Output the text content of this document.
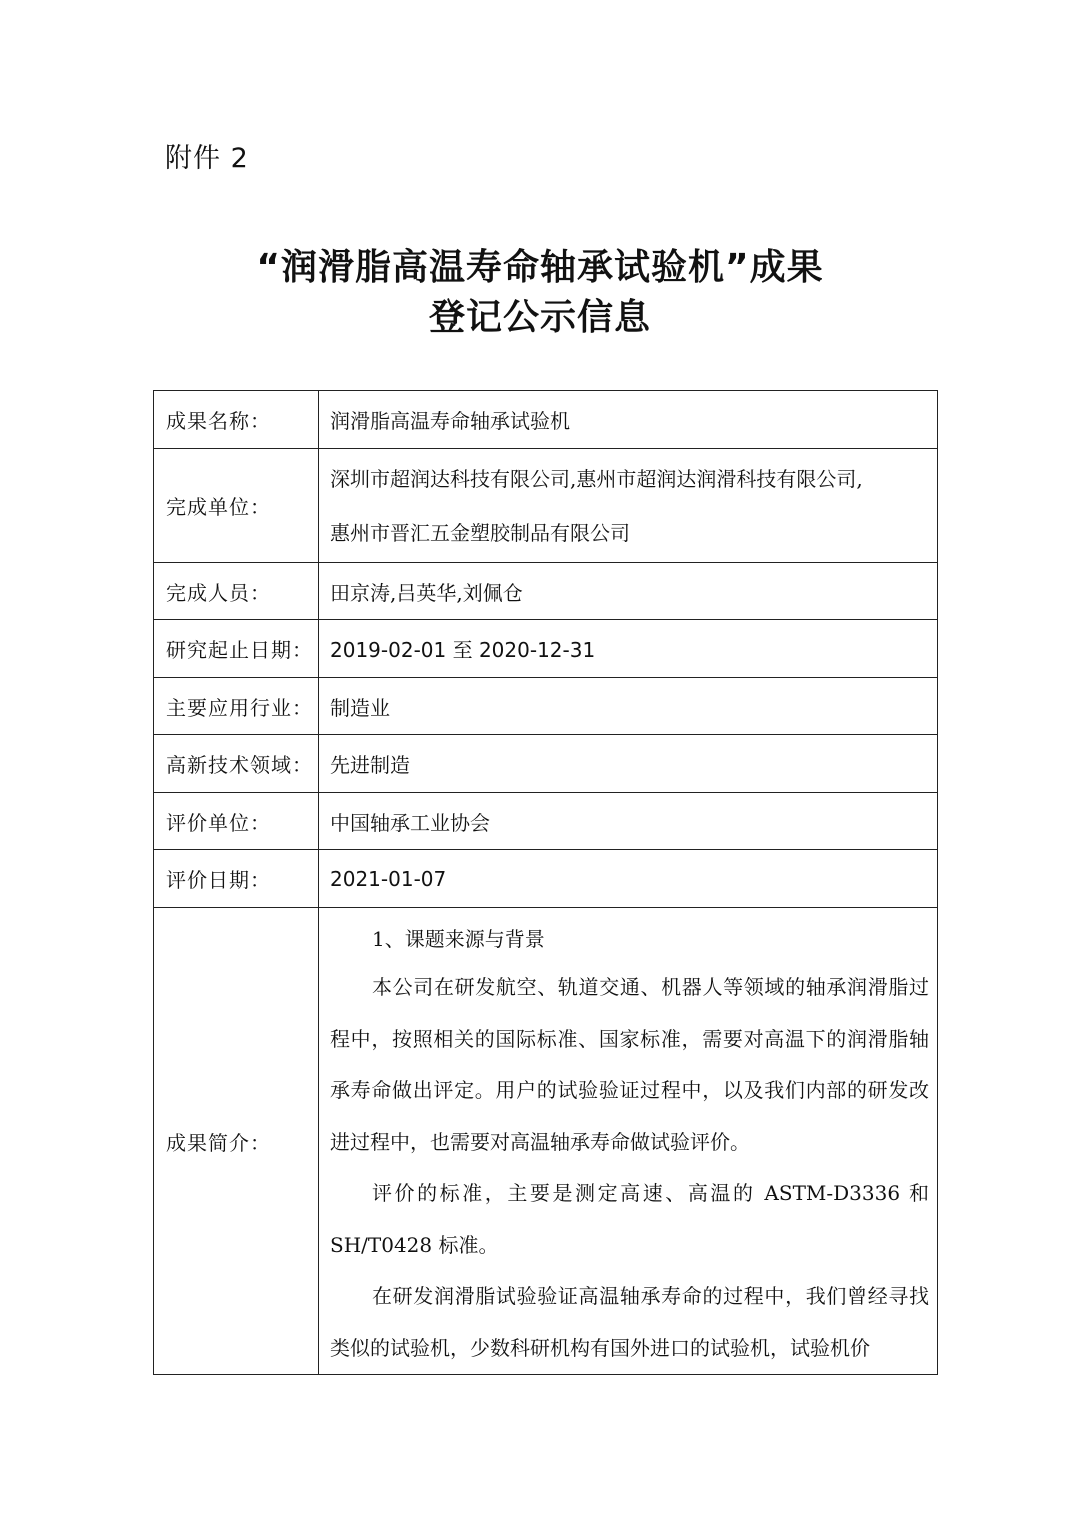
附件 2
“润滑脂高温寿命轴承试验机”成果
登记公示信息
成果名称：	润滑脂高温寿命轴承试验机
完成单位：	深圳市超润达科技有限公司,惠州市超润达润滑科技有限公司,
惠州市晋汇五金塑胶制品有限公司

完成人员：	田京涛,吕英华,刘佩仓
研究起止日期：	2019-02-01 至 2020-12-31
主要应用行业：	制造业
高新技术领域：	先进制造
评价单位：	中国轴承工业协会
评价日期：	2021-01-07
成果简介：	1、课题来源与背景

本公司在研发航空、轨道交通、机器人等领域的轴承润滑脂过程中，按照相关的国际标准、国家标准，需要对高温下的润滑脂轴承寿命做出评定。用户的试验验证过程中，以及我们内部的研发改进过程中，也需要对高温轴承寿命做试验评价。

评价的标准，主要是测定高速、高温的 ASTM-D3336 和 SH/T0428 标准。

在研发润滑脂试验验证高温轴承寿命的过程中，我们曾经寻找类似的试验机，少数科研机构有国外进口的试验机，试验机价
